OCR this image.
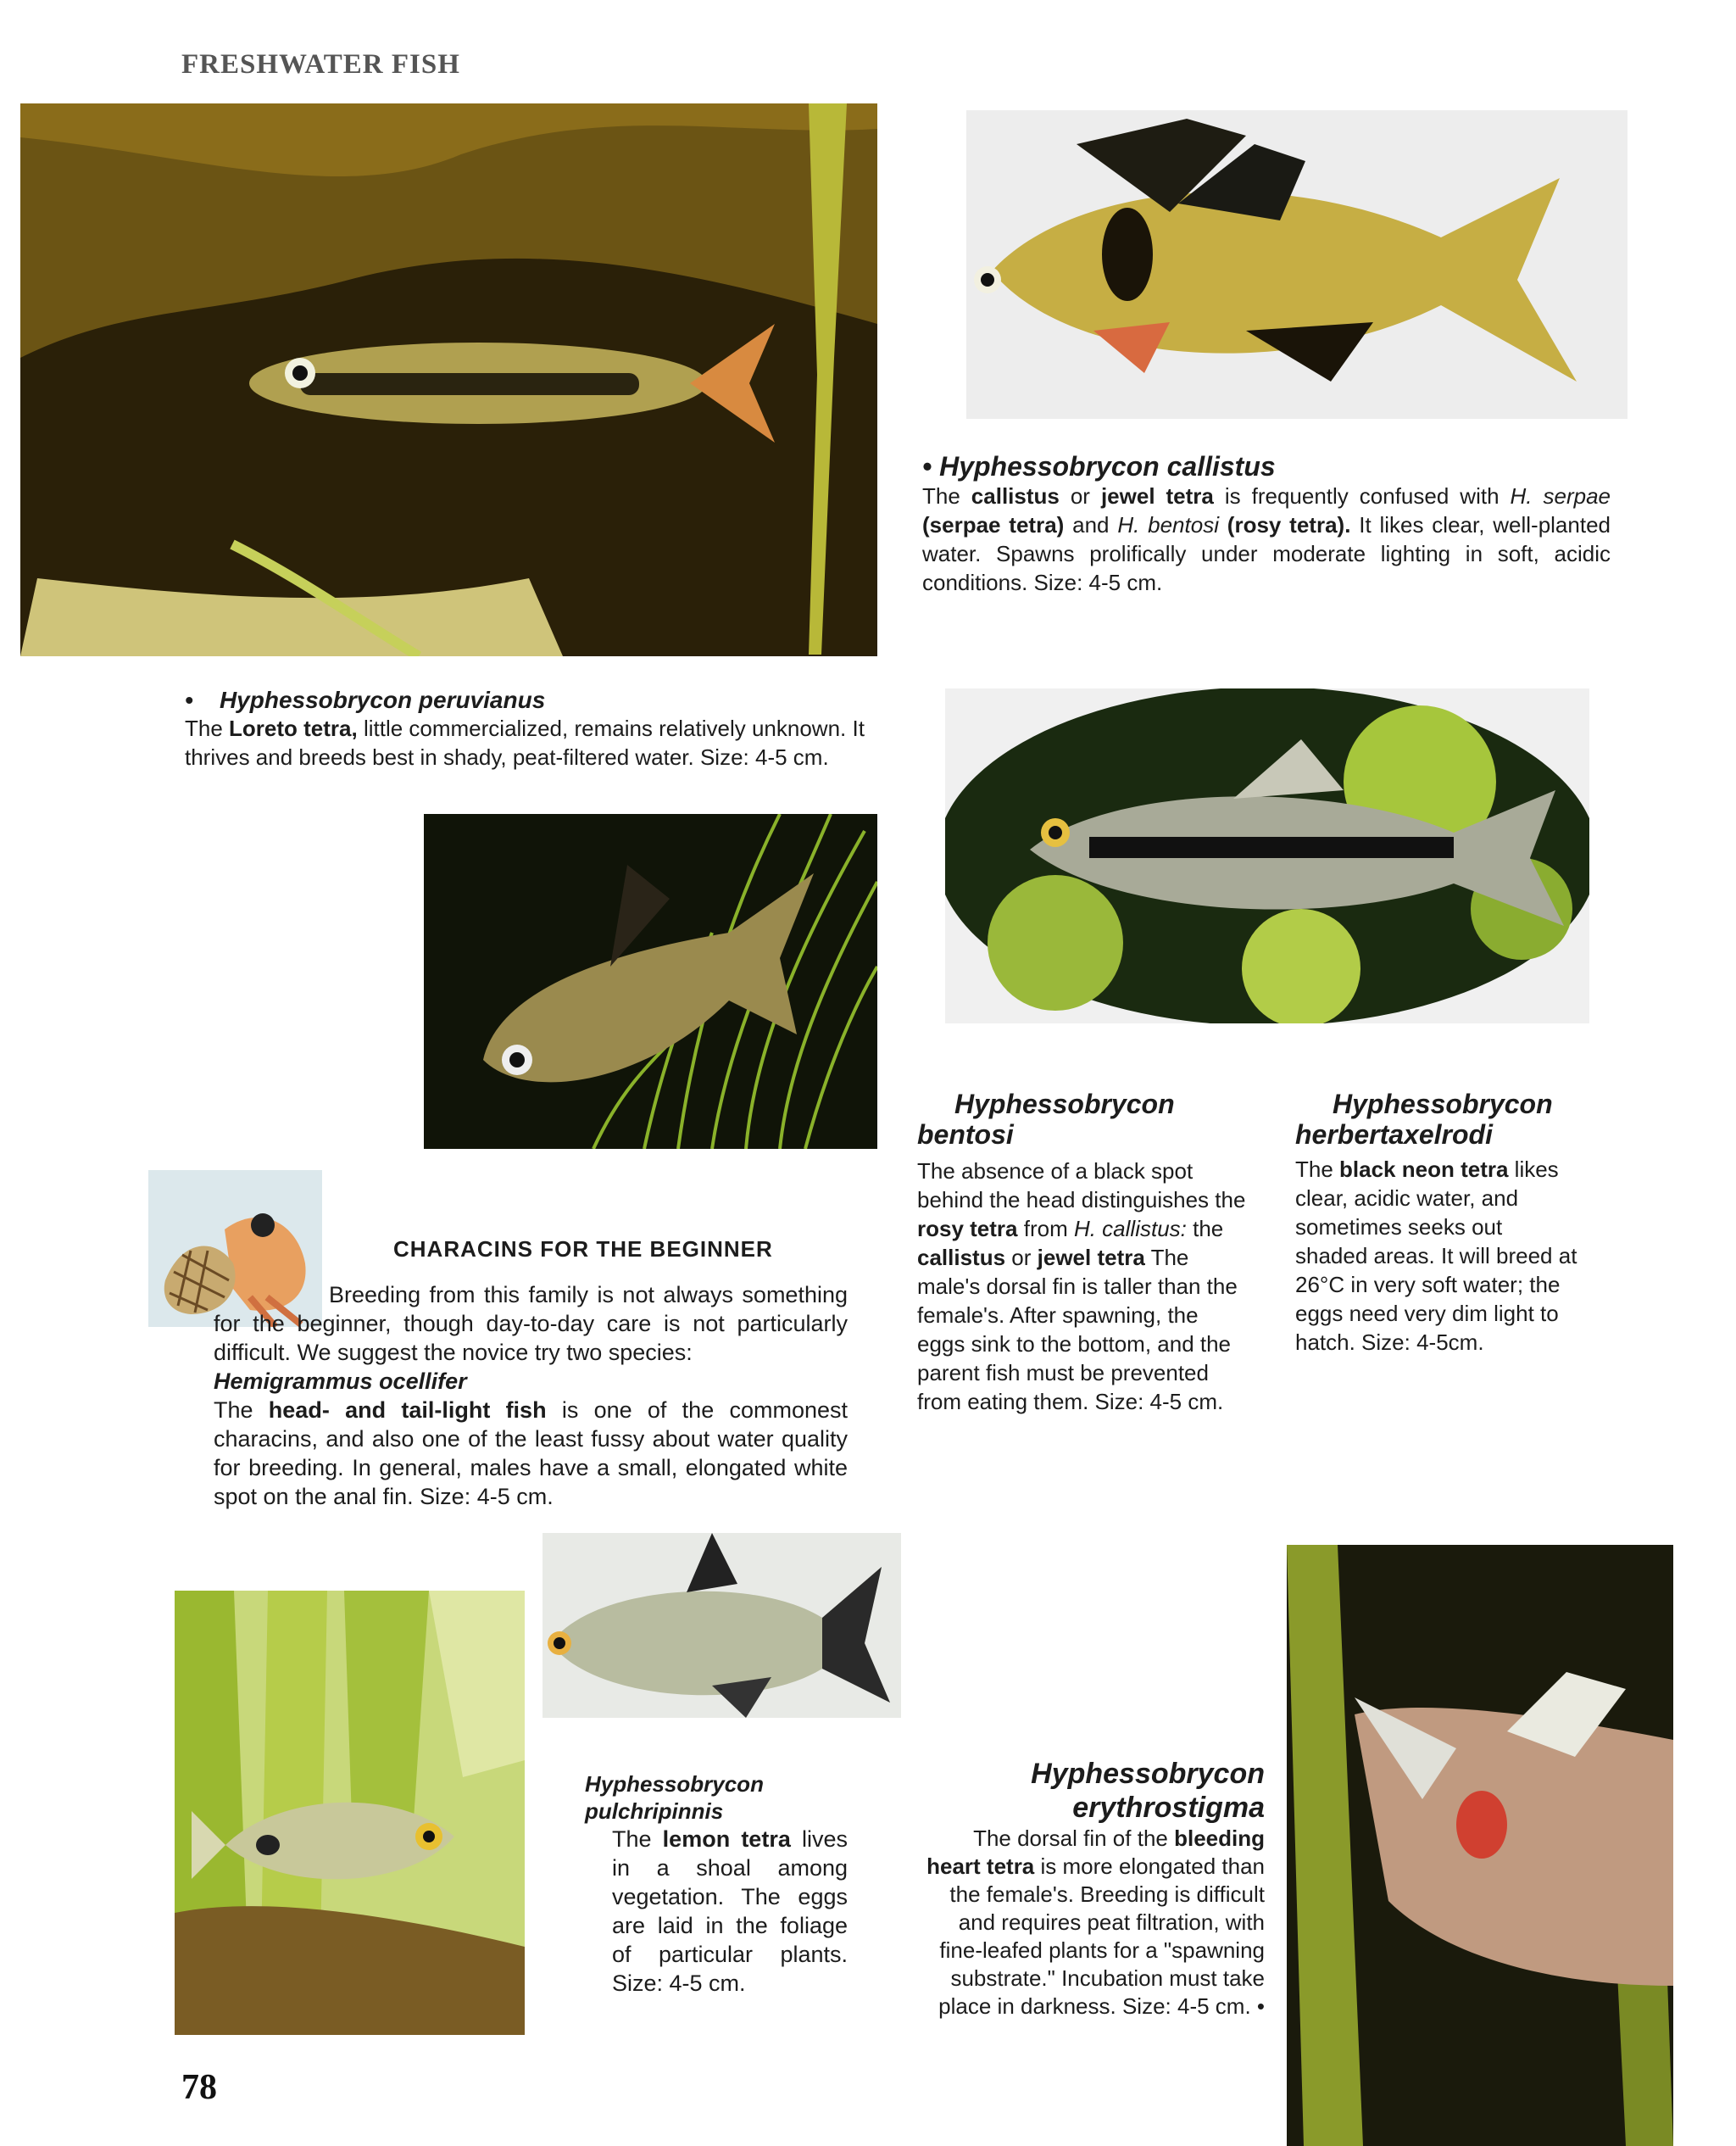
FRESHWATER FISH

• Hyphessobrycon callistus

The callistus or jewel tetra is frequently confused with H. serpae (serpae tetra) and H. bentosi (rosy tetra). It likes clear, well-planted water. Spawns prolifically under moderate lighting in soft, acidic conditions. Size: 4-5 cm.

• Hyphessobrycon peruvianus

The Loreto tetra, little commercialized, remains relatively unknown. It thrives and breeds best in shady, peat-filtered water. Size: 4-5 cm.

Hyphessobrycon

bentosi

The absence of a black spot behind the head distinguishes the rosy tetra from H. callistus: the callistus or jewel tetra The male's dorsal fin is taller than the female's. After spawning, the eggs sink to the bottom, and the parent fish must be prevented from eating them. Size: 4-5 cm.

Hyphessobrycon

herbertaxelrodi

The black neon tetra likes clear, acidic water, and sometimes seeks out shaded areas. It will breed at 26°C in very soft water; the eggs need very dim light to hatch. Size: 4-5cm.

CHARACINS FOR THE BEGINNER

Breeding from this family is not always something for the beginner, though day-to-day care is not particularly difficult. We suggest the novice try two species:

Hemigrammus ocellifer

The head- and tail-light fish is one of the commonest characins, and also one of the least fussy about water quality for breeding. In general, males have a small, elongated white spot on the anal fin. Size: 4-5 cm.

Hyphessobrycon pulchripinnis

The lemon tetra lives in a shoal among vegetation. The eggs are laid in the foliage of particular plants. Size: 4-5 cm.

Hyphessobrycon

erythrostigma

The dorsal fin of the bleeding heart tetra is more elongated than the female's. Breeding is difficult and requires peat filtration, with fine-leafed plants for a "spawning substrate." Incubation must take place in darkness. Size: 4-5 cm. •

78
